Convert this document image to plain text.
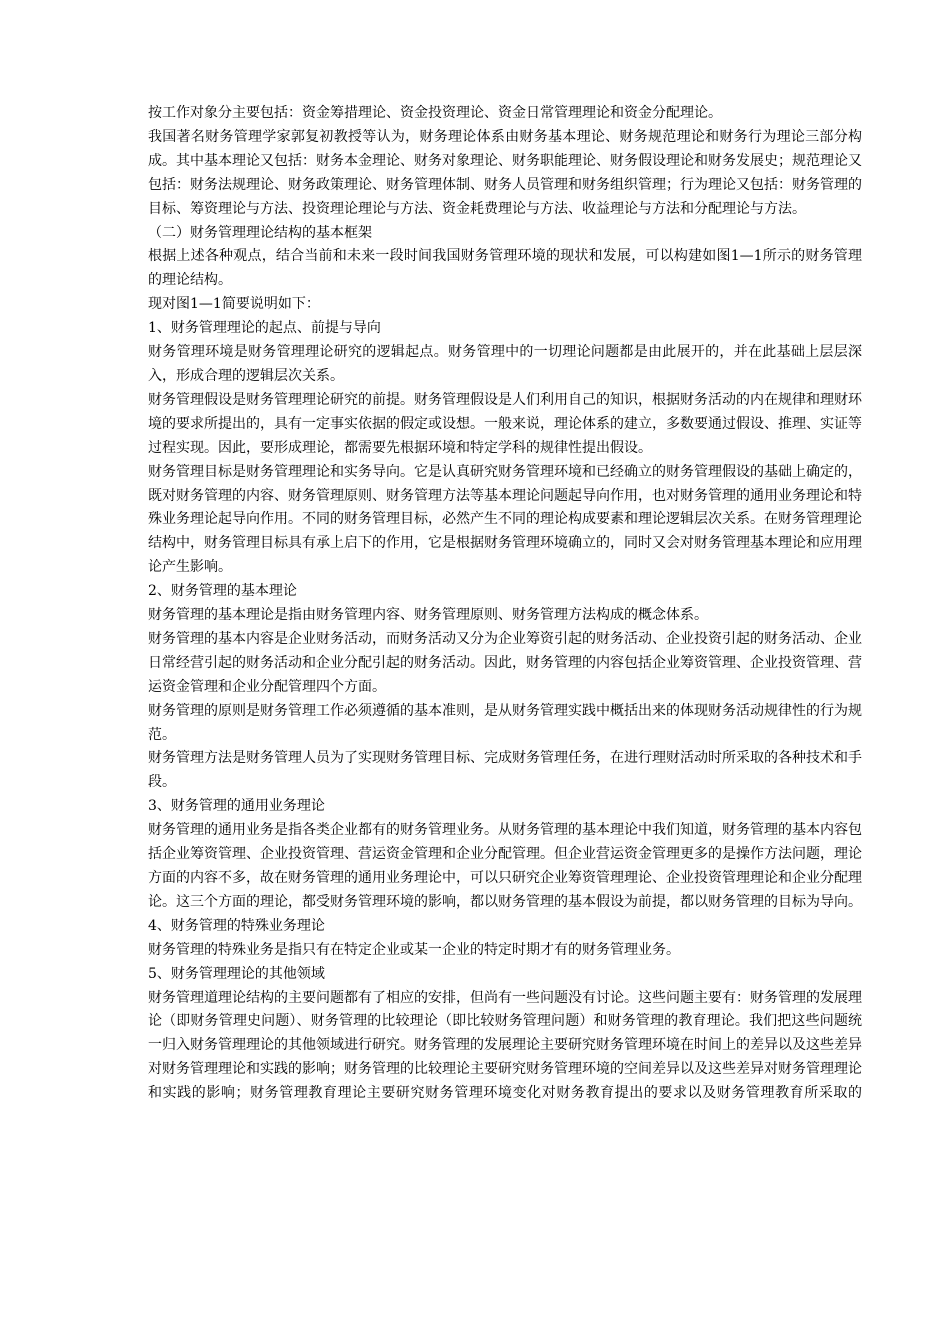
按工作对象分主要包括：资金筹措理论、资金投资理论、资金日常管理理论和资金分配理论。

我国著名财务管理学家郭复初教授等认为，财务理论体系由财务基本理论、财务规范理论和财务行为理论三部分构成。其中基本理论又包括：财务本金理论、财务对象理论、财务职能理论、财务假设理论和财务发展史；规范理论又包括：财务法规理论、财务政策理论、财务管理体制、财务人员管理和财务组织管理；行为理论又包括：财务管理的目标、筹资理论与方法、投资理论理论与方法、资金耗费理论与方法、收益理论与方法和分配理论与方法。

（二）财务管理理论结构的基本框架

根据上述各种观点，结合当前和未来一段时间我国财务管理环境的现状和发展，可以构建如图1—1所示的财务管理的理论结构。

现对图1—1简要说明如下：

1、财务管理理论的起点、前提与导向

财务管理环境是财务管理理论研究的逻辑起点。财务管理中的一切理论问题都是由此展开的，并在此基础上层层深入，形成合理的逻辑层次关系。

财务管理假设是财务管理理论研究的前提。财务管理假设是人们利用自己的知识，根据财务活动的内在规律和理财环境的要求所提出的，具有一定事实依据的假定或设想。一般来说，理论体系的建立，多数要通过假设、推理、实证等过程实现。因此，要形成理论，都需要先根据环境和特定学科的规律性提出假设。

财务管理目标是财务管理理论和实务导向。它是认真研究财务管理环境和已经确立的财务管理假设的基础上确定的，既对财务管理的内容、财务管理原则、财务管理方法等基本理论问题起导向作用，也对财务管理的通用业务理论和特殊业务理论起导向作用。不同的财务管理目标，必然产生不同的理论构成要素和理论逻辑层次关系。在财务管理理论结构中，财务管理目标具有承上启下的作用，它是根据财务管理环境确立的，同时又会对财务管理基本理论和应用理论产生影响。

2、财务管理的基本理论

财务管理的基本理论是指由财务管理内容、财务管理原则、财务管理方法构成的概念体系。

财务管理的基本内容是企业财务活动，而财务活动又分为企业筹资引起的财务活动、企业投资引起的财务活动、企业日常经营引起的财务活动和企业分配引起的财务活动。因此，财务管理的内容包括企业筹资管理、企业投资管理、营运资金管理和企业分配管理四个方面。

财务管理的原则是财务管理工作必须遵循的基本准则，是从财务管理实践中概括出来的体现财务活动规律性的行为规范。

财务管理方法是财务管理人员为了实现财务管理目标、完成财务管理任务，在进行理财活动时所采取的各种技术和手段。

3、财务管理的通用业务理论

财务管理的通用业务是指各类企业都有的财务管理业务。从财务管理的基本理论中我们知道，财务管理的基本内容包括企业筹资管理、企业投资管理、营运资金管理和企业分配管理。但企业营运资金管理更多的是操作方法问题，理论方面的内容不多，故在财务管理的通用业务理论中，可以只研究企业筹资管理理论、企业投资管理理论和企业分配理论。这三个方面的理论，都受财务管理环境的影响，都以财务管理的基本假设为前提，都以财务管理的目标为导向。

4、财务管理的特殊业务理论

财务管理的特殊业务是指只有在特定企业或某一企业的特定时期才有的财务管理业务。

5、财务管理理论的其他领域

财务管理道理论结构的主要问题都有了相应的安排，但尚有一些问题没有讨论。这些问题主要有：财务管理的发展理论（即财务管理史问题）、财务管理的比较理论（即比较财务管理问题）和财务管理的教育理论。我们把这些问题统一归入财务管理理论的其他领域进行研究。财务管理的发展理论主要研究财务管理环境在时间上的差异以及这些差异对财务管理理论和实践的影响；财务管理的比较理论主要研究财务管理环境的空间差异以及这些差异对财务管理理论和实践的影响；财务管理教育理论主要研究财务管理环境变化对财务教育提出的要求以及财务管理教育所采取的
